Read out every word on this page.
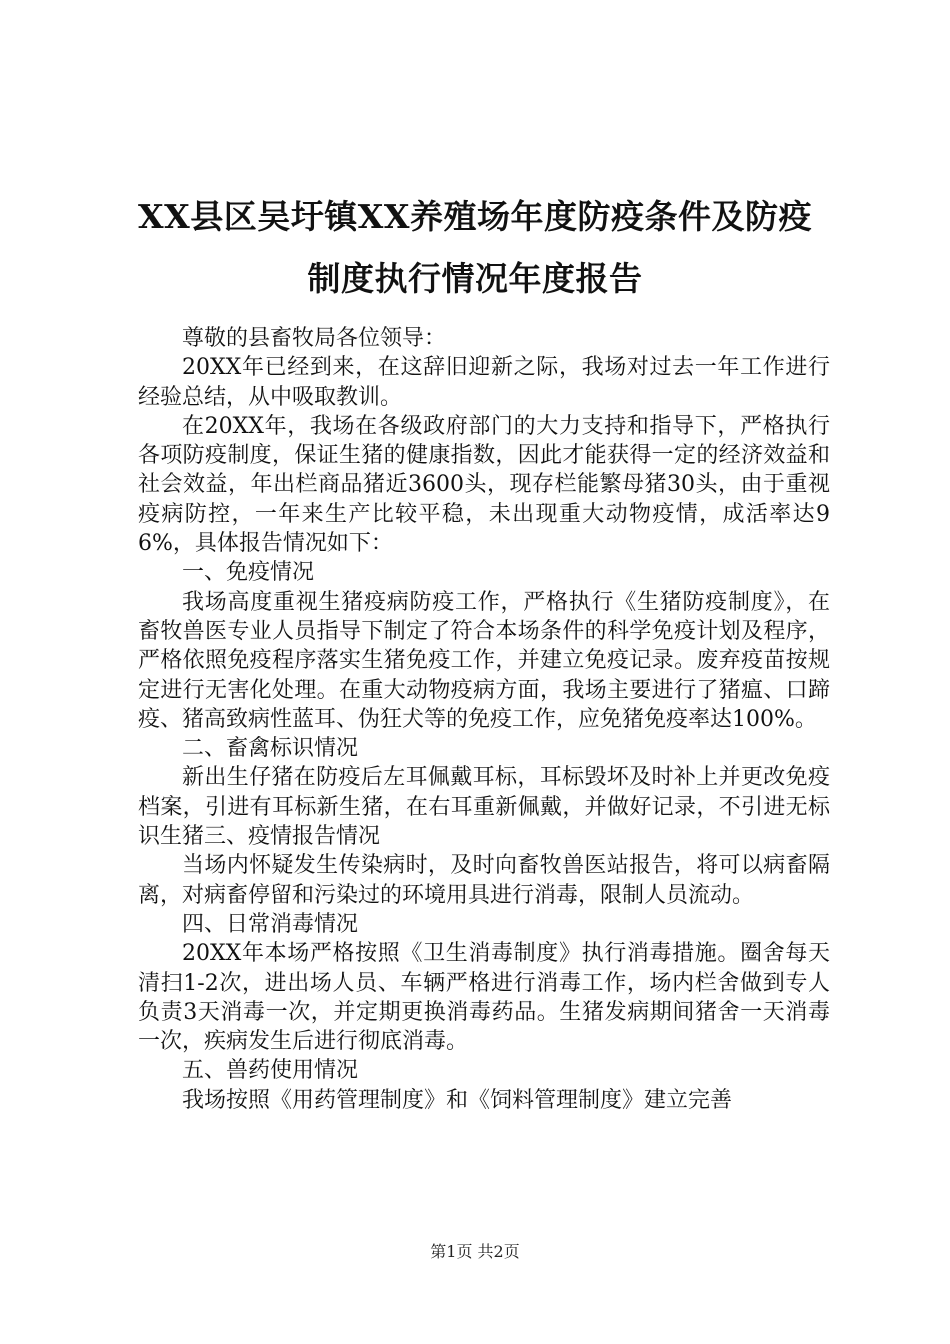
XX县区吴圩镇XX养殖场年度防疫条件及防疫
制度执行情况年度报告

尊敬的县畜牧局各位领导：

20XX年已经到来，在这辞旧迎新之际，我场对过去一年工作进行经验总结，从中吸取教训。

在20XX年，我场在各级政府部门的大力支持和指导下，严格执行各项防疫制度，保证生猪的健康指数，因此才能获得一定的经济效益和社会效益，年出栏商品猪近3600头，现存栏能繁母猪30头，由于重视疫病防控，一年来生产比较平稳，未出现重大动物疫情，成活率达96%，具体报告情况如下：

一、免疫情况

我场高度重视生猪疫病防疫工作，严格执行《生猪防疫制度》，在畜牧兽医专业人员指导下制定了符合本场条件的科学免疫计划及程序，严格依照免疫程序落实生猪免疫工作，并建立免疫记录。废弃疫苗按规定进行无害化处理。在重大动物疫病方面，我场主要进行了猪瘟、口蹄疫、猪高致病性蓝耳、伪狂犬等的免疫工作，应免猪免疫率达100%。

二、畜禽标识情况

新出生仔猪在防疫后左耳佩戴耳标，耳标毁坏及时补上并更改免疫档案，引进有耳标新生猪，在右耳重新佩戴，并做好记录，不引进无标识生猪三、疫情报告情况

当场内怀疑发生传染病时，及时向畜牧兽医站报告，将可以病畜隔离，对病畜停留和污染过的环境用具进行消毒，限制人员流动。

四、日常消毒情况

20XX年本场严格按照《卫生消毒制度》执行消毒措施。圈舍每天清扫1-2次，进出场人员、车辆严格进行消毒工作，场内栏舍做到专人负责3天消毒一次，并定期更换消毒药品。生猪发病期间猪舍一天消毒一次，疾病发生后进行彻底消毒。

五、兽药使用情况

我场按照《用药管理制度》和《饲料管理制度》建立完善

第1页 共2页
